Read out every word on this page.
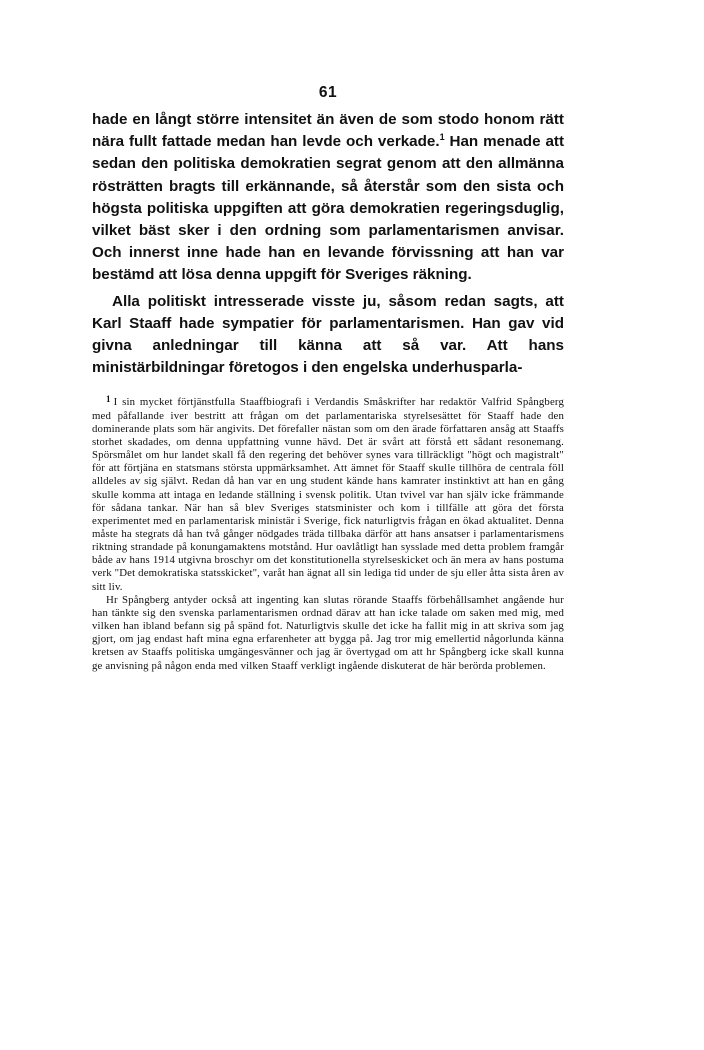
61

hade en långt större intensitet än även de som stodo honom rätt nära fullt fattade medan han levde och verkade.$^1$ Han menade att sedan den politiska demokratien segrat genom att den allmänna rösträtten bragts till erkännande, så återstår som den sista och högsta politiska uppgiften att göra demokratien regeringsduglig, vilket bäst sker i den ordning som parlamentarismen anvisar. Och innerst inne hade han en levande förvissning att han var bestämd att lösa denna uppgift för Sveriges räkning.

Alla politiskt intresserade visste ju, såsom redan sagts, att Karl Staaff hade sympatier för parlamentarismen. Han gav vid givna anledningar till känna att så var. Att hans ministärbildningar företogos i den engelska underhusparla-

$^1$ I sin mycket förtjänstfulla Staaffbiografi i Verdandis Småskrifter har redaktör Valfrid Spångberg med påfallande iver bestritt att frågan om det parlamentariska styrelsesättet för Staaff hade den dominerande plats som här angivits. Det förefaller nästan som om den ärade författaren ansåg att Staaffs storhet skadades, om denna uppfattning vunne hävd. Det är svårt att förstå ett sådant resonemang. Spörsmålet om hur landet skall få den regering det behöver synes vara tillräckligt "högt och magistralt" för att förtjäna en statsmans största uppmärksamhet. Att ämnet för Staaff skulle tillhöra de centrala föll alldeles av sig självt. Redan då han var en ung student kände hans kamrater instinktivt att han en gång skulle komma att intaga en ledande ställning i svensk politik. Utan tvivel var han själv icke främmande för sådana tankar. När han så blev Sveriges statsminister och kom i tillfälle att göra det första experimentet med en parlamentarisk ministär i Sverige, fick naturligtvis frågan en ökad aktualitet. Denna måste ha stegrats då han två gånger nödgades träda tillbaka därför att hans ansatser i parlamentarismens riktning strandade på konungamaktens motstånd. Hur oavlåtligt han sysslade med detta problem framgår både av hans 1914 utgivna broschyr om det konstitutionella styrelseskicket och än mera av hans postuma verk "Det demokratiska statsskicket", varåt han ägnat all sin lediga tid under de sju eller åtta sista åren av sitt liv.

Hr Spångberg antyder också att ingenting kan slutas rörande Staaffs förbehållsamhet angående hur han tänkte sig den svenska parlamentarismen ordnad därav att han icke talade om saken med mig, med vilken han ibland befann sig på spänd fot. Naturligtvis skulle det icke ha fallit mig in att skriva som jag gjort, om jag endast haft mina egna erfarenheter att bygga på. Jag tror mig emellertid någorlunda känna kretsen av Staaffs politiska umgängesvänner och jag är övertygad om att hr Spångberg icke skall kunna ge anvisning på någon enda med vilken Staaff verkligt ingående diskuterat de här berörda problemen.
